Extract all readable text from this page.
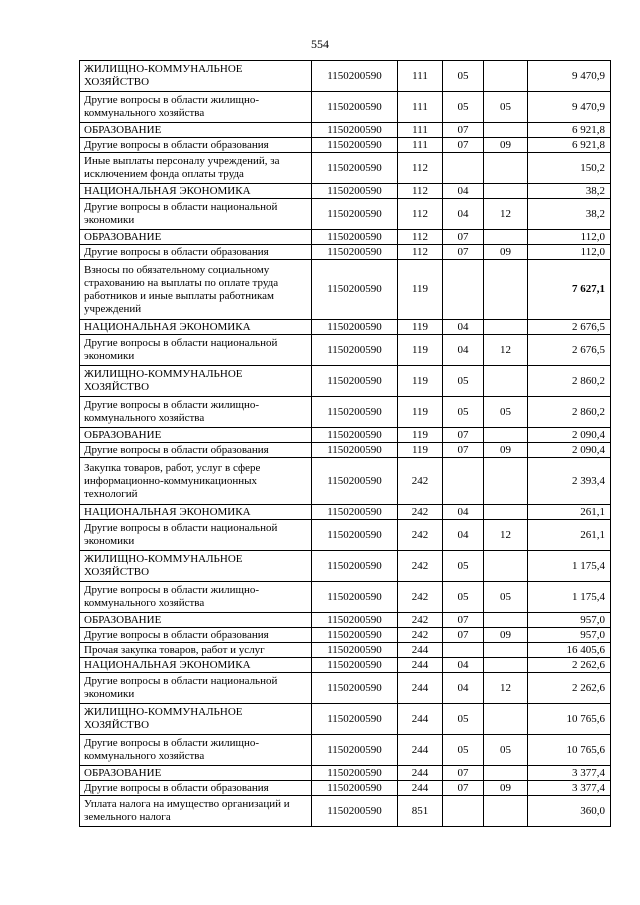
554
ЖИЛИЩНО-КОММУНАЛЬНОЕ ХОЗЯЙСТВО	1150200590	111	05		9 470,9
Другие вопросы в области жилищно-коммунального хозяйства	1150200590	111	05	05	9 470,9
ОБРАЗОВАНИЕ	1150200590	111	07		6 921,8
Другие вопросы в области образования	1150200590	111	07	09	6 921,8
Иные выплаты персоналу учреждений, за исключением фонда оплаты труда	1150200590	112			150,2
НАЦИОНАЛЬНАЯ ЭКОНОМИКА	1150200590	112	04		38,2
Другие вопросы в области национальной экономики	1150200590	112	04	12	38,2
ОБРАЗОВАНИЕ	1150200590	112	07		112,0
Другие вопросы в области образования	1150200590	112	07	09	112,0
Взносы по обязательному социальному страхованию на выплаты по оплате труда работников и иные выплаты работникам учреждений	1150200590	119			7 627,1
НАЦИОНАЛЬНАЯ ЭКОНОМИКА	1150200590	119	04		2 676,5
Другие вопросы в области национальной экономики	1150200590	119	04	12	2 676,5
ЖИЛИЩНО-КОММУНАЛЬНОЕ ХОЗЯЙСТВО	1150200590	119	05		2 860,2
Другие вопросы в области жилищно-коммунального хозяйства	1150200590	119	05	05	2 860,2
ОБРАЗОВАНИЕ	1150200590	119	07		2 090,4
Другие вопросы в области образования	1150200590	119	07	09	2 090,4
Закупка товаров, работ, услуг в сфере информационно-коммуникационных технологий	1150200590	242			2 393,4
НАЦИОНАЛЬНАЯ ЭКОНОМИКА	1150200590	242	04		261,1
Другие вопросы в области национальной экономики	1150200590	242	04	12	261,1
ЖИЛИЩНО-КОММУНАЛЬНОЕ ХОЗЯЙСТВО	1150200590	242	05		1 175,4
Другие вопросы в области жилищно-коммунального хозяйства	1150200590	242	05	05	1 175,4
ОБРАЗОВАНИЕ	1150200590	242	07		957,0
Другие вопросы в области образования	1150200590	242	07	09	957,0
Прочая закупка товаров, работ и услуг	1150200590	244			16 405,6
НАЦИОНАЛЬНАЯ ЭКОНОМИКА	1150200590	244	04		2 262,6
Другие вопросы в области национальной экономики	1150200590	244	04	12	2 262,6
ЖИЛИЩНО-КОММУНАЛЬНОЕ ХОЗЯЙСТВО	1150200590	244	05		10 765,6
Другие вопросы в области жилищно-коммунального хозяйства	1150200590	244	05	05	10 765,6
ОБРАЗОВАНИЕ	1150200590	244	07		3 377,4
Другие вопросы в области образования	1150200590	244	07	09	3 377,4
Уплата налога на имущество организаций и земельного налога	1150200590	851			360,0
